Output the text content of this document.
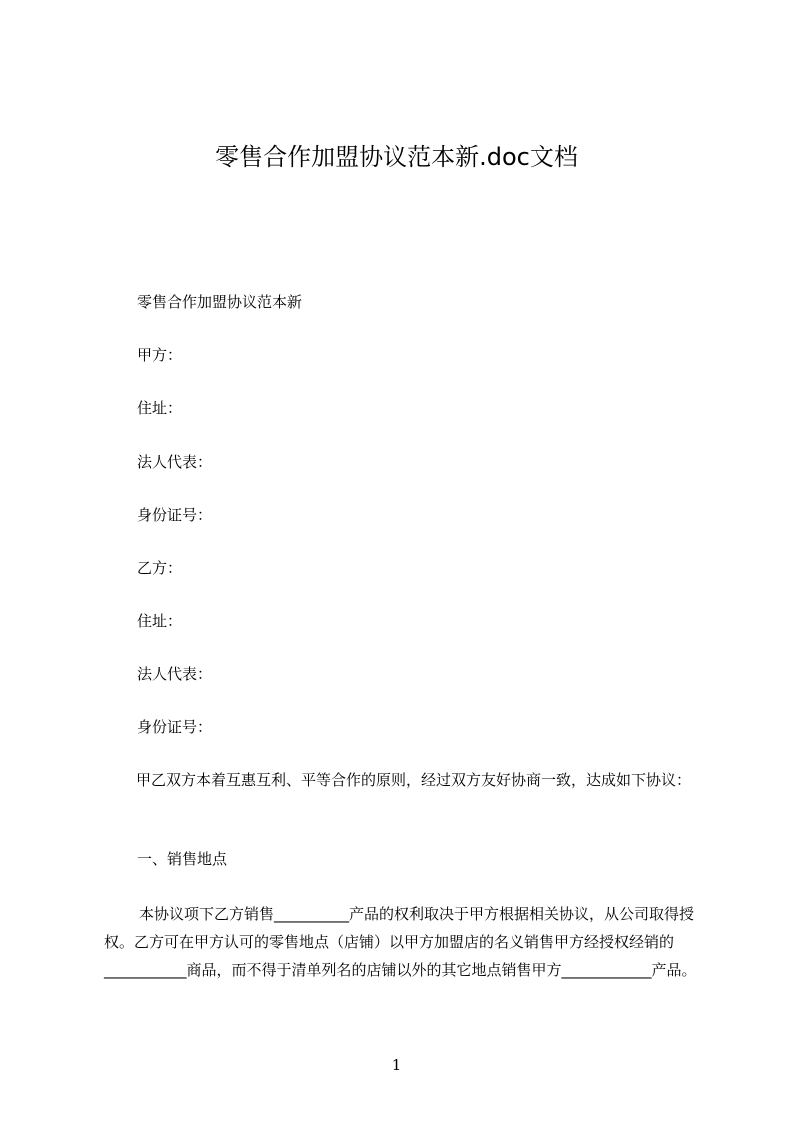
零售合作加盟协议范本新.doc文档
零售合作加盟协议范本新
甲方：
住址：
法人代表：
身份证号：
乙方：
住址：
法人代表：
身份证号：
甲乙双方本着互惠互利、平等合作的原则，经过双方友好协商一致，达成如下协议：
一、销售地点
本协议项下乙方销售__________产品的权利取决于甲方根据相关协议，从公司取得授权。乙方可在甲方认可的零售地点（店铺）以甲方加盟店的名义销售甲方经授权经销的___________商品，而不得于清单列名的店铺以外的其它地点销售甲方____________产品。
1
